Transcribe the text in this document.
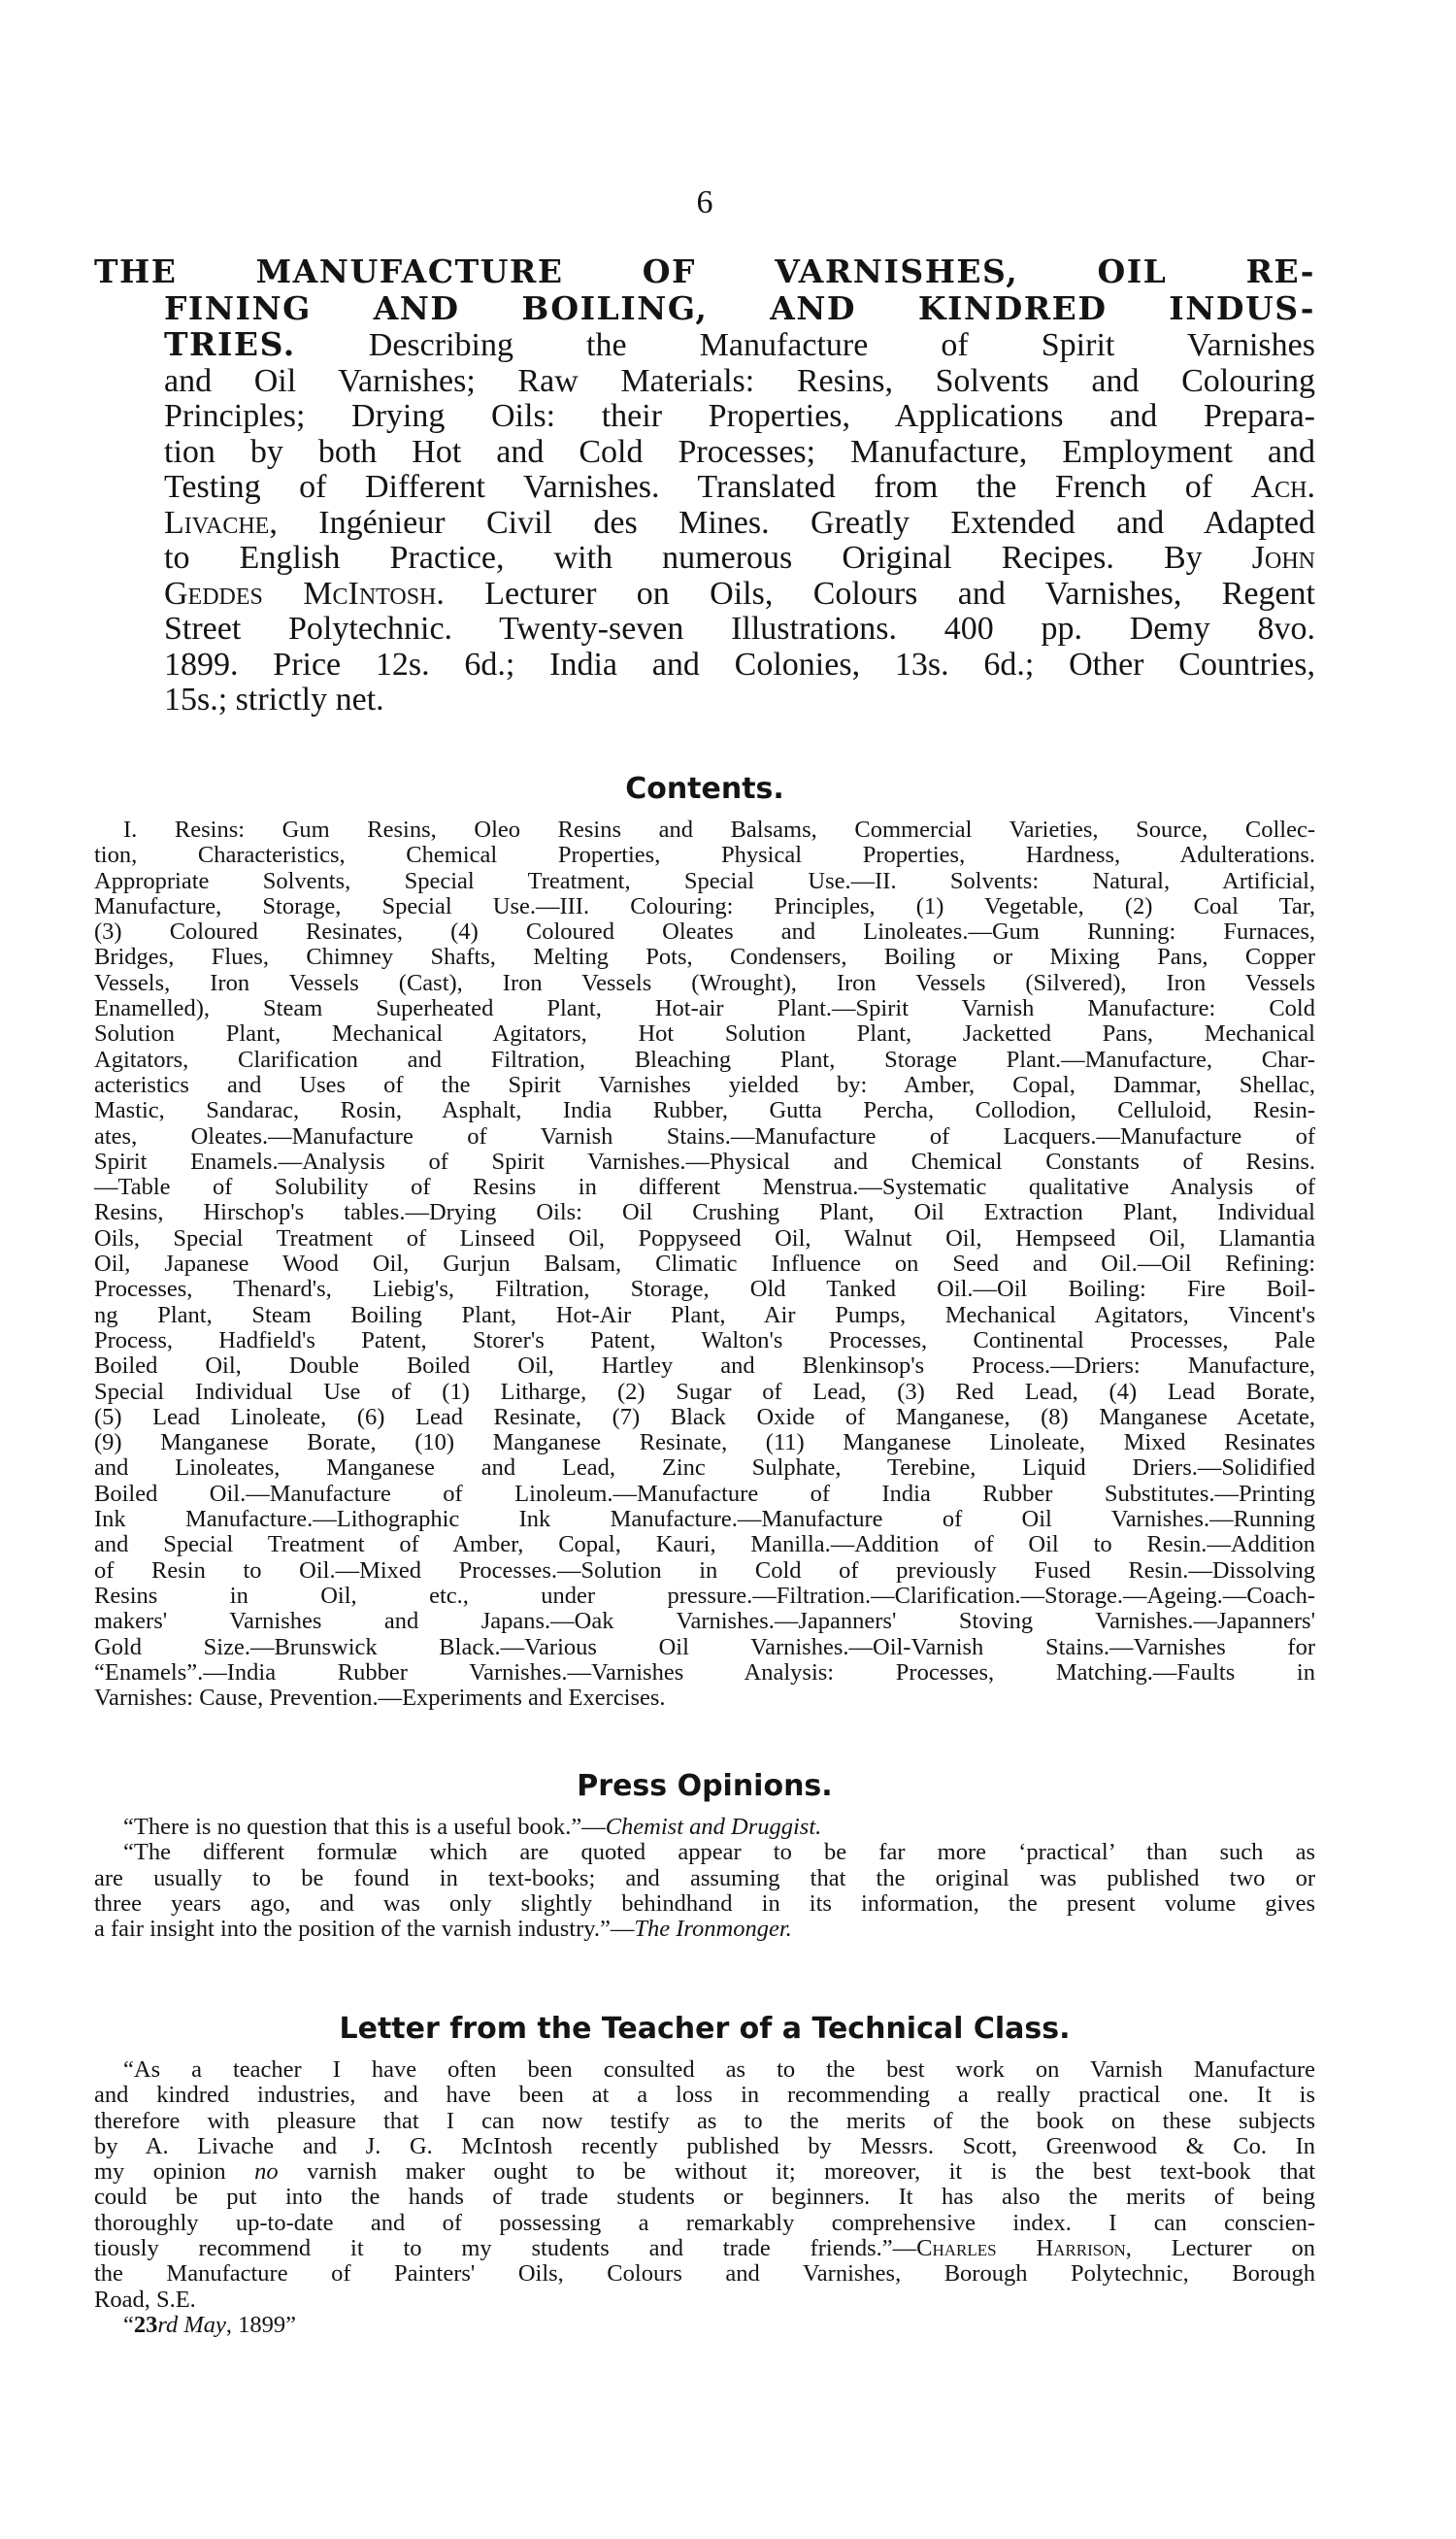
6
THE MANUFACTURE OF VARNISHES, OIL RE-
FINING AND BOILING, AND KINDRED INDUS-
TRIES. Describing the Manufacture of Spirit Varnishes
and Oil Varnishes; Raw Materials: Resins, Solvents and Colouring
Principles; Drying Oils: their Properties, Applications and Prepara-
tion by both Hot and Cold Processes; Manufacture, Employment and
Testing of Different Varnishes. Translated from the French of Ach.
Livache, Ingénieur Civil des Mines. Greatly Extended and Adapted
to English Practice, with numerous Original Recipes. By John
Geddes McIntosh. Lecturer on Oils, Colours and Varnishes, Regent
Street Polytechnic. Twenty-seven Illustrations. 400 pp. Demy 8vo.
1899. Price 12s. 6d.; India and Colonies, 13s. 6d.; Other Countries,
15s.; strictly net.
Contents.
I. Resins: Gum Resins, Oleo Resins and Balsams, Commercial Varieties, Source, Collec-
tion, Characteristics, Chemical Properties, Physical Properties, Hardness, Adulterations.
Appropriate Solvents, Special Treatment, Special Use.—II. Solvents: Natural, Artificial,
Manufacture, Storage, Special Use.—III. Colouring: Principles, (1) Vegetable, (2) Coal Tar,
(3) Coloured Resinates, (4) Coloured Oleates and Linoleates.—Gum Running: Furnaces,
Bridges, Flues, Chimney Shafts, Melting Pots, Condensers, Boiling or Mixing Pans, Copper
Vessels, Iron Vessels (Cast), Iron Vessels (Wrought), Iron Vessels (Silvered), Iron Vessels
Enamelled), Steam Superheated Plant, Hot-air Plant.—Spirit Varnish Manufacture: Cold
Solution Plant, Mechanical Agitators, Hot Solution Plant, Jacketted Pans, Mechanical
Agitators, Clarification and Filtration, Bleaching Plant, Storage Plant.—Manufacture, Char-
acteristics and Uses of the Spirit Varnishes yielded by: Amber, Copal, Dammar, Shellac,
Mastic, Sandarac, Rosin, Asphalt, India Rubber, Gutta Percha, Collodion, Celluloid, Resin-
ates, Oleates.—Manufacture of Varnish Stains.—Manufacture of Lacquers.—Manufacture of
Spirit Enamels.—Analysis of Spirit Varnishes.—Physical and Chemical Constants of Resins.
—Table of Solubility of Resins in different Menstrua.—Systematic qualitative Analysis of
Resins, Hirschop's tables.—Drying Oils: Oil Crushing Plant, Oil Extraction Plant, Individual
Oils, Special Treatment of Linseed Oil, Poppyseed Oil, Walnut Oil, Hempseed Oil, Llamantia
Oil, Japanese Wood Oil, Gurjun Balsam, Climatic Influence on Seed and Oil.—Oil Refining:
Processes, Thenard's, Liebig's, Filtration, Storage, Old Tanked Oil.—Oil Boiling: Fire Boil-
ng Plant, Steam Boiling Plant, Hot-Air Plant, Air Pumps, Mechanical Agitators, Vincent's
Process, Hadfield's Patent, Storer's Patent, Walton's Processes, Continental Processes, Pale
Boiled Oil, Double Boiled Oil, Hartley and Blenkinsop's Process.—Driers: Manufacture,
Special Individual Use of (1) Litharge, (2) Sugar of Lead, (3) Red Lead, (4) Lead Borate,
(5) Lead Linoleate, (6) Lead Resinate, (7) Black Oxide of Manganese, (8) Manganese Acetate,
(9) Manganese Borate, (10) Manganese Resinate, (11) Manganese Linoleate, Mixed Resinates
and Linoleates, Manganese and Lead, Zinc Sulphate, Terebine, Liquid Driers.—Solidified
Boiled Oil.—Manufacture of Linoleum.—Manufacture of India Rubber Substitutes.—Printing
Ink Manufacture.—Lithographic Ink Manufacture.—Manufacture of Oil Varnishes.—Running
and Special Treatment of Amber, Copal, Kauri, Manilla.—Addition of Oil to Resin.—Addition
of Resin to Oil.—Mixed Processes.—Solution in Cold of previously Fused Resin.—Dissolving
Resins in Oil, etc., under pressure.—Filtration.—Clarification.—Storage.—Ageing.—Coach-
makers' Varnishes and Japans.—Oak Varnishes.—Japanners' Stoving Varnishes.—Japanners'
Gold Size.—Brunswick Black.—Various Oil Varnishes.—Oil-Varnish Stains.—Varnishes for
“Enamels”.—India Rubber Varnishes.—Varnishes Analysis: Processes, Matching.—Faults in
Varnishes: Cause, Prevention.—Experiments and Exercises.
Press Opinions.
“There is no question that this is a useful book.”—Chemist and Druggist.
“The different formulæ which are quoted appear to be far more ‘practical’ than such as
are usually to be found in text-books; and assuming that the original was published two or
three years ago, and was only slightly behindhand in its information, the present volume gives
a fair insight into the position of the varnish industry.”—The Ironmonger.
Letter from the Teacher of a Technical Class.
“As a teacher I have often been consulted as to the best work on Varnish Manufacture
and kindred industries, and have been at a loss in recommending a really practical one. It is
therefore with pleasure that I can now testify as to the merits of the book on these subjects
by A. Livache and J. G. McIntosh recently published by Messrs. Scott, Greenwood & Co. In
my opinion no varnish maker ought to be without it; moreover, it is the best text-book that
could be put into the hands of trade students or beginners. It has also the merits of being
thoroughly up-to-date and of possessing a remarkably comprehensive index. I can conscien-
tiously recommend it to my students and trade friends.”—Charles Harrison, Lecturer on
the Manufacture of Painters' Oils, Colours and Varnishes, Borough Polytechnic, Borough
Road, S.E.
“23rd May, 1899”
